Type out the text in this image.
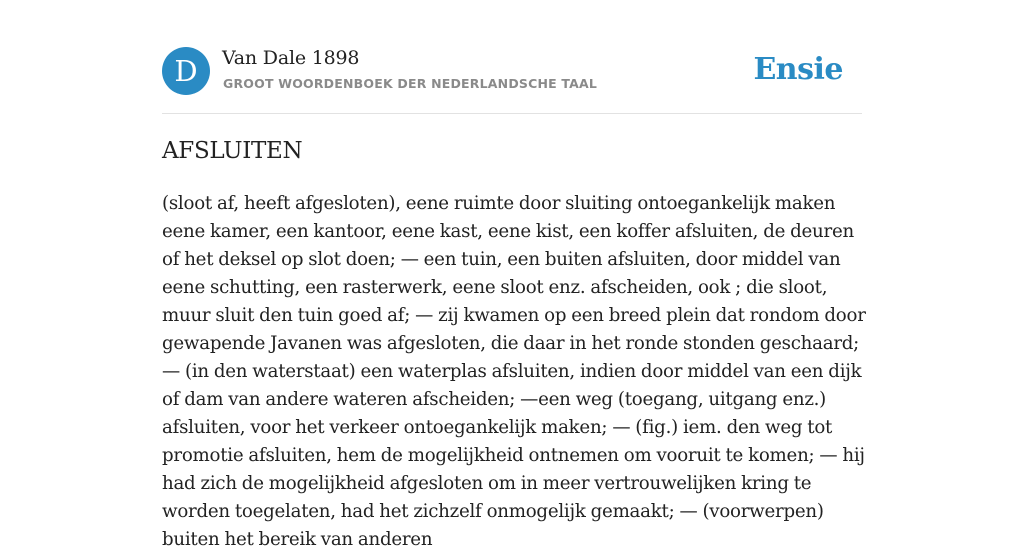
D	Van Dale 1898
GROOT WOORDENBOEK DER NEDERLANDSCHE TAAL	Ensie
AFSLUITEN

(sloot af, heeft afgesloten), eene ruimte door sluiting ontoegankelijk maken eene kamer, een kantoor, eene kast, eene kist, een koffer afsluiten, de deuren of het deksel op slot doen; — een tuin, een buiten afsluiten, door middel van eene schutting, een rasterwerk, eene sloot enz. afscheiden, ook ; die sloot, muur sluit den tuin goed af; — zij kwamen op een breed plein dat rondom door gewapende Javanen was afgesloten, die daar in het ronde stonden geschaard; — (in den waterstaat) een waterplas afsluiten, indien door middel van een dijk of dam van andere wateren afscheiden; —een weg (toegang, uitgang enz.) afsluiten, voor het verkeer ontoegankelijk maken; — (fig.) iem. den weg tot promotie afsluiten, hem de mogelijkheid ontnemen om vooruit te komen; — hij had zich de mogelijkheid afgesloten om in meer vertrouwelijken kring te worden toegelaten, had het zichzelf onmogelijk gemaakt; — (voorwerpen) buiten het bereik van anderen
